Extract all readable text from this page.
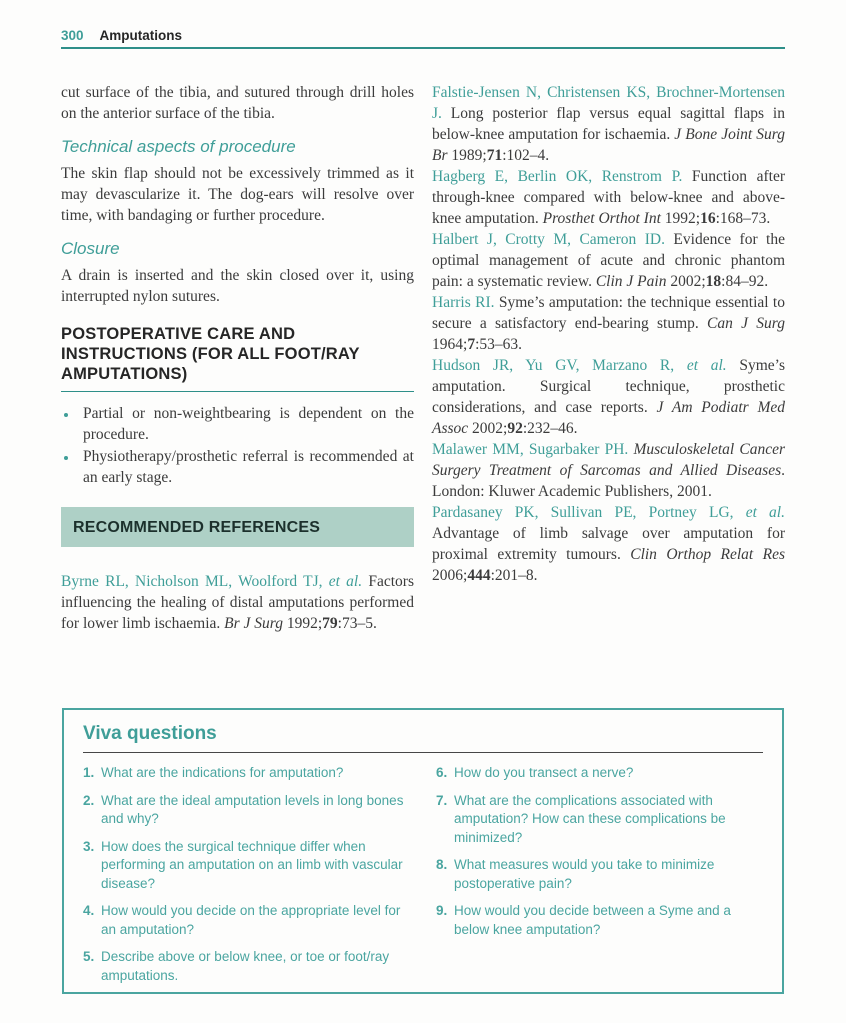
300 Amputations

cut surface of the tibia, and sutured through drill holes on the anterior surface of the tibia.

Technical aspects of procedure

The skin flap should not be excessively trimmed as it may devascularize it. The dog-ears will resolve over time, with bandaging or further procedure.

Closure

A drain is inserted and the skin closed over it, using interrupted nylon sutures.

POSTOPERATIVE CARE AND
INSTRUCTIONS (FOR ALL FOOT/RAY
AMPUTATIONS)
• Partial or non-weightbearing is dependent on the procedure.
• Physiotherapy/prosthetic referral is recommended at an early stage.
RECOMMENDED REFERENCES

Byrne RL, Nicholson ML, Woolford TJ, et al. Factors influencing the healing of distal amputations performed for lower limb ischaemia. Br J Surg 1992;79:73–5.

Falstie-Jensen N, Christensen KS, Brochner-Mortensen J. Long posterior flap versus equal sagittal flaps in below-knee amputation for ischaemia. J Bone Joint Surg Br 1989;71:102–4.

Hagberg E, Berlin OK, Renstrom P. Function after through-knee compared with below-knee and above-knee amputation. Prosthet Orthot Int 1992;16:168–73.

Halbert J, Crotty M, Cameron ID. Evidence for the optimal management of acute and chronic phantom pain: a systematic review. Clin J Pain 2002;18:84–92.

Harris RI. Syme’s amputation: the technique essential to secure a satisfactory end-bearing stump. Can J Surg 1964;7:53–63.

Hudson JR, Yu GV, Marzano R, et al. Syme’s amputation. Surgical technique, prosthetic considerations, and case reports. J Am Podiatr Med Assoc 2002;92:232–46.

Malawer MM, Sugarbaker PH. Musculoskeletal Cancer Surgery Treatment of Sarcomas and Allied Diseases. London: Kluwer Academic Publishers, 2001.

Pardasaney PK, Sullivan PE, Portney LG, et al. Advantage of limb salvage over amputation for proximal extremity tumours. Clin Orthop Relat Res 2006;444:201–8.

Viva questions
1. What are the indications for amputation?
2. What are the ideal amputation levels in long bones and why?
3. How does the surgical technique differ when performing an amputation on an limb with vascular disease?
4. How would you decide on the appropriate level for an amputation?
5. Describe above or below knee, or toe or foot/ray amputations.
6. How do you transect a nerve?
7. What are the complications associated with amputation? How can these complications be minimized?
8. What measures would you take to minimize postoperative pain?
9. How would you decide between a Syme and a below knee amputation?
